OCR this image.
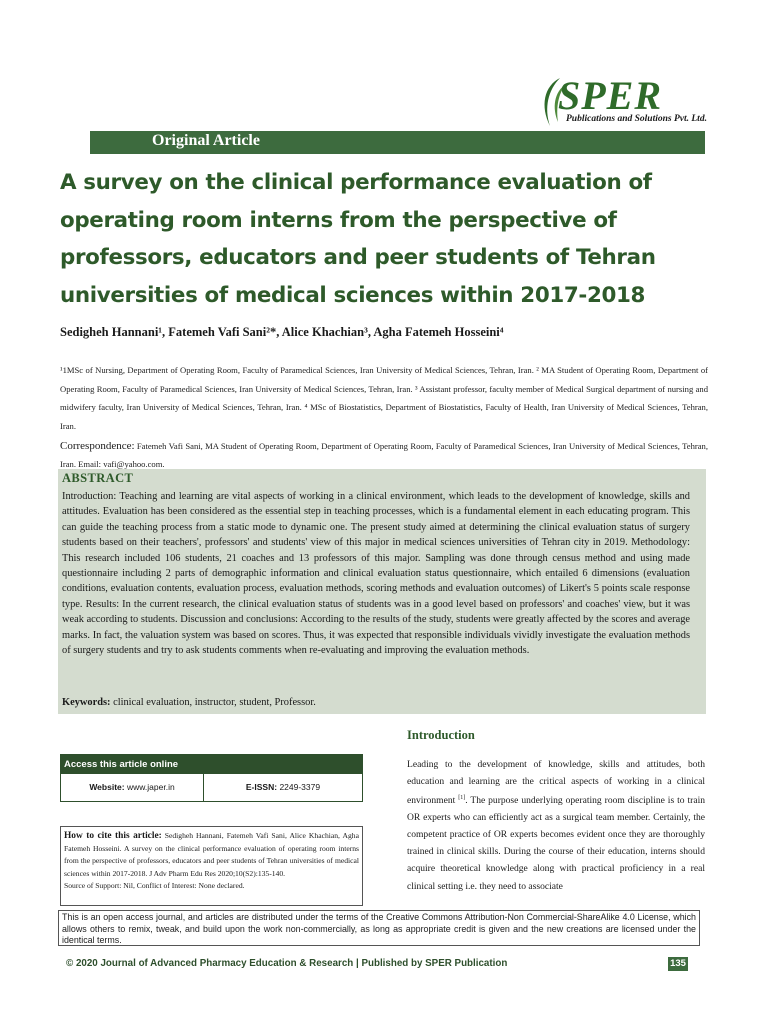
SPER
Publications and Solutions Pvt. Ltd.
Original Article
A survey on the clinical performance evaluation of operating room interns from the perspective of professors, educators and peer students of Tehran universities of medical sciences within 2017-2018
Sedigheh Hannani¹, Fatemeh Vafi Sani²*, Alice Khachian³, Agha Fatemeh Hosseini⁴
¹1MSc of Nursing, Department of Operating Room, Faculty of Paramedical Sciences, Iran University of Medical Sciences, Tehran, Iran. ² MA Student of Operating Room, Department of Operating Room, Faculty of Paramedical Sciences, Iran University of Medical Sciences, Tehran, Iran. ³ Assistant professor, faculty member of Medical Surgical department of nursing and midwifery faculty, Iran University of Medical Sciences, Tehran, Iran. ⁴ MSc of Biostatistics, Department of Biostatistics, Faculty of Health, Iran University of Medical Sciences, Tehran, Iran.
Correspondence: Fatemeh Vafi Sani, MA Student of Operating Room, Department of Operating Room, Faculty of Paramedical Sciences, Iran University of Medical Sciences, Tehran, Iran. Email: vafi@yahoo.com.
ABSTRACT

Introduction: Teaching and learning are vital aspects of working in a clinical environment, which leads to the development of knowledge, skills and attitudes. Evaluation has been considered as the essential step in teaching processes, which is a fundamental element in each educating program. This can guide the teaching process from a static mode to dynamic one. The present study aimed at determining the clinical evaluation status of surgery students based on their teachers', professors' and students' view of this major in medical sciences universities of Tehran city in 2019. Methodology: This research included 106 students, 21 coaches and 13 professors of this major. Sampling was done through census method and using made questionnaire including 2 parts of demographic information and clinical evaluation status questionnaire, which entailed 6 dimensions (evaluation conditions, evaluation contents, evaluation process, evaluation methods, scoring methods and evaluation outcomes) of Likert's 5 points scale response type. Results: In the current research, the clinical evaluation status of students was in a good level based on professors' and coaches' view, but it was weak according to students. Discussion and conclusions: According to the results of the study, students were greatly affected by the scores and average marks. In fact, the valuation system was based on scores. Thus, it was expected that responsible individuals vividly investigate the evaluation methods of surgery students and try to ask students comments when re-evaluating and improving the evaluation methods.

Keywords: clinical evaluation, instructor, student, Professor.
Access this article online
Website: www.japer.in	E-ISSN: 2249-3379
How to cite this article: Sedigheh Hannani, Fatemeh Vafi Sani, Alice Khachian, Agha Fatemeh Hosseini. A survey on the clinical performance evaluation of operating room interns from the perspective of professors, educators and peer students of Tehran universities of medical sciences within 2017-2018. J Adv Pharm Edu Res 2020;10(S2):135-140.
Source of Support: Nil, Conflict of Interest: None declared.
Introduction

Leading to the development of knowledge, skills and attitudes, both education and learning are the critical aspects of working in a clinical environment [1]. The purpose underlying operating room discipline is to train OR experts who can efficiently act as a surgical team member. Certainly, the competent practice of OR experts becomes evident once they are thoroughly trained in clinical skills. During the course of their education, interns should acquire theoretical knowledge along with practical proficiency in a real clinical setting i.e. they need to associate

This is an open access journal, and articles are distributed under the terms of the Creative Commons Attribution-Non Commercial-ShareAlike 4.0 License, which allows others to remix, tweak, and build upon the work non-commercially, as long as appropriate credit is given and the new creations are licensed under the identical terms.
© 2020 Journal of Advanced Pharmacy Education & Research | Published by SPER Publication	135
